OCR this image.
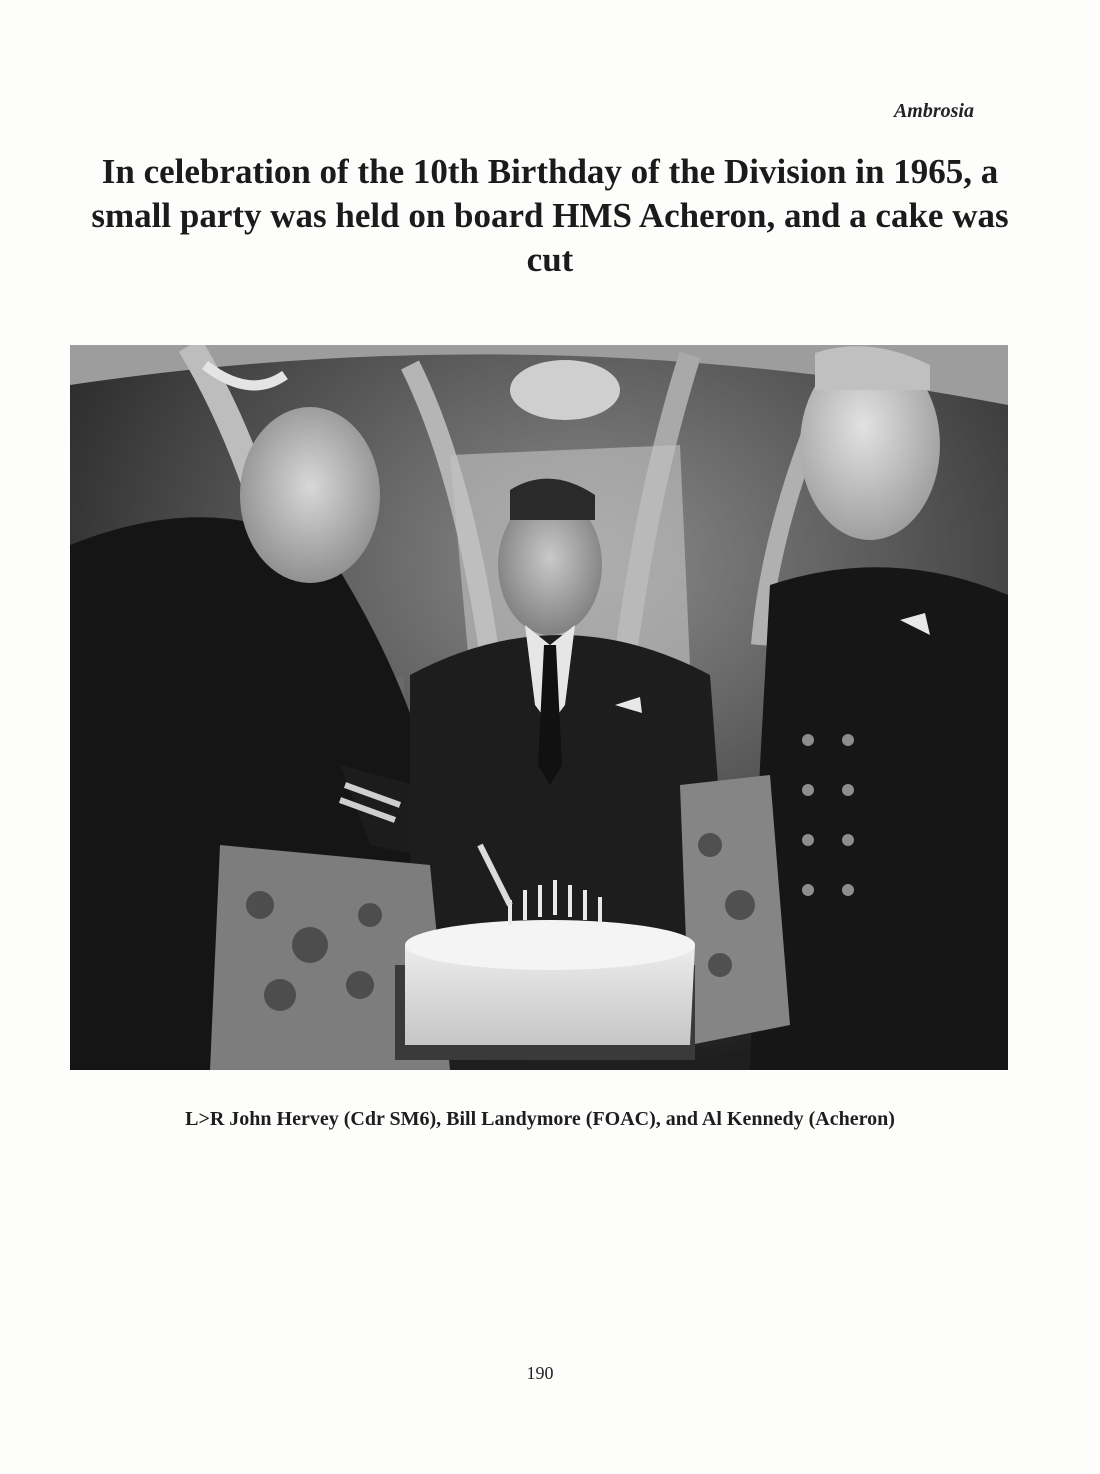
Ambrosia
In celebration of the 10th Birthday of the Division in 1965, a small party was held on board HMS Acheron, and a cake was cut
L>R John Hervey (Cdr SM6), Bill Landymore (FOAC), and Al Kennedy (Acheron)
190
